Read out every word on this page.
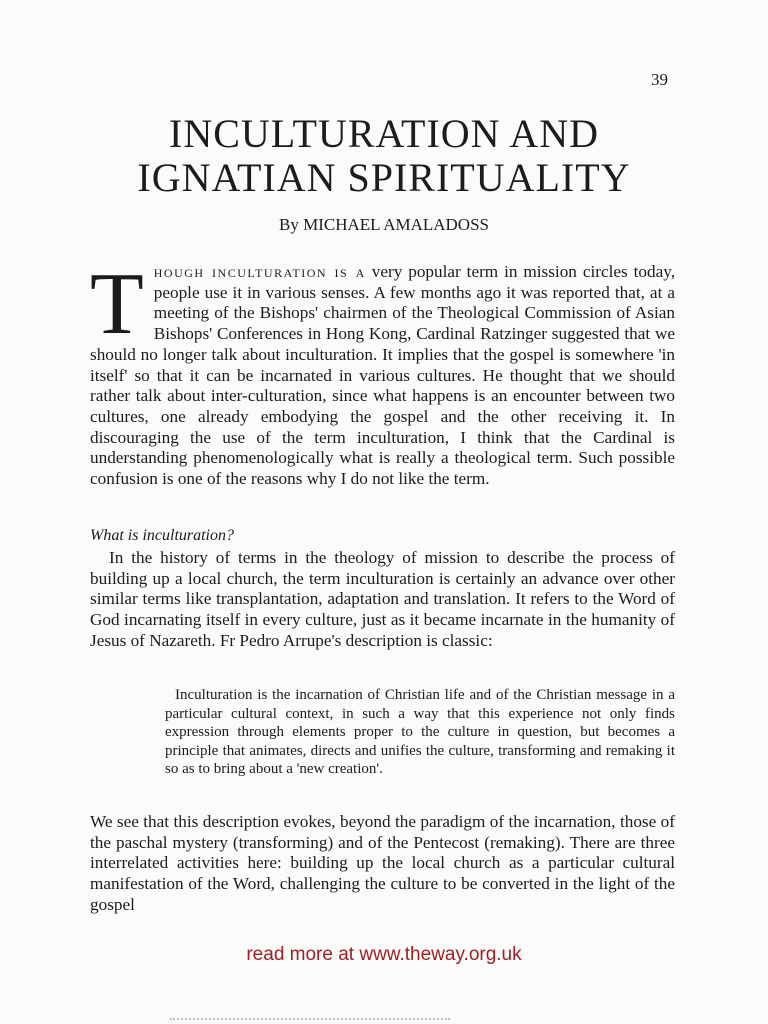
39
INCULTURATION AND
IGNATIAN SPIRITUALITY
By MICHAEL AMALADOSS
Though inculturation is a very popular term in mission circles today, people use it in various senses. A few months ago it was reported that, at a meeting of the Bishops' chairmen of the Theological Commission of Asian Bishops' Conferences in Hong Kong, Cardinal Ratzinger suggested that we should no longer talk about inculturation. It implies that the gospel is somewhere 'in itself' so that it can be incarnated in various cultures. He thought that we should rather talk about inter-culturation, since what happens is an encounter between two cultures, one already embodying the gospel and the other receiving it. In discouraging the use of the term inculturation, I think that the Cardinal is understanding phenomenologically what is really a theological term. Such possible confusion is one of the reasons why I do not like the term.
What is inculturation?
In the history of terms in the theology of mission to describe the process of building up a local church, the term inculturation is certainly an advance over other similar terms like transplantation, adaptation and translation. It refers to the Word of God incarnating itself in every culture, just as it became incarnate in the humanity of Jesus of Nazareth. Fr Pedro Arrupe's description is classic:
Inculturation is the incarnation of Christian life and of the Christian message in a particular cultural context, in such a way that this experience not only finds expression through elements proper to the culture in question, but becomes a principle that animates, directs and unifies the culture, transforming and remaking it so as to bring about a 'new creation'.
We see that this description evokes, beyond the paradigm of the incarnation, those of the paschal mystery (transforming) and of the Pentecost (remaking). There are three interrelated activities here: building up the local church as a particular cultural manifestation of the Word, challenging the culture to be converted in the light of the gospel
read more at www.theway.org.uk
